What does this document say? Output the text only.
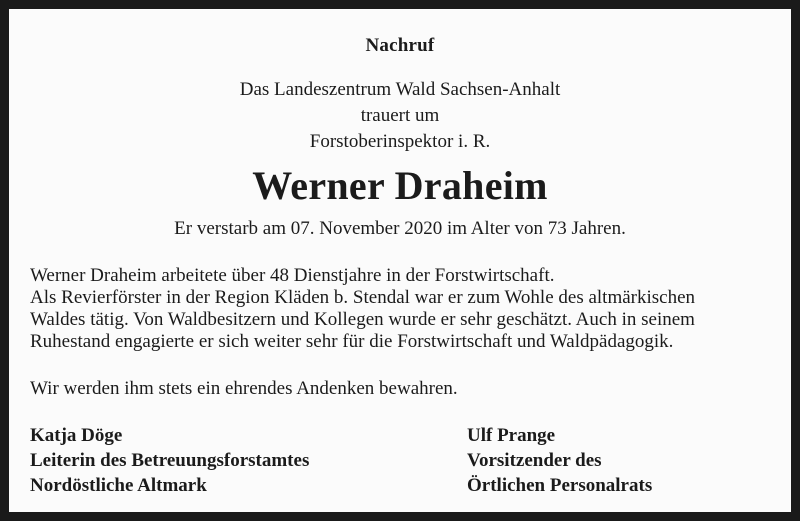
Nachruf
Das Landeszentrum Wald Sachsen-Anhalt
trauert um
Forstoberinspektor i. R.
Werner Draheim
Er verstarb am 07. November 2020 im Alter von 73 Jahren.
Werner Draheim arbeitete über 48 Dienstjahre in der Forstwirtschaft.
Als Revierförster in der Region Kläden b. Stendal war er zum Wohle des altmärkischen
Waldes tätig. Von Waldbesitzern und Kollegen wurde er sehr geschätzt. Auch in seinem
Ruhestand engagierte er sich weiter sehr für die Forstwirtschaft und Waldpädagogik.
Wir werden ihm stets ein ehrendes Andenken bewahren.
Katja Döge
Leiterin des Betreuungsforstamtes
Nordöstliche Altmark
Ulf Prange
Vorsitzender des
Örtlichen Personalrats
